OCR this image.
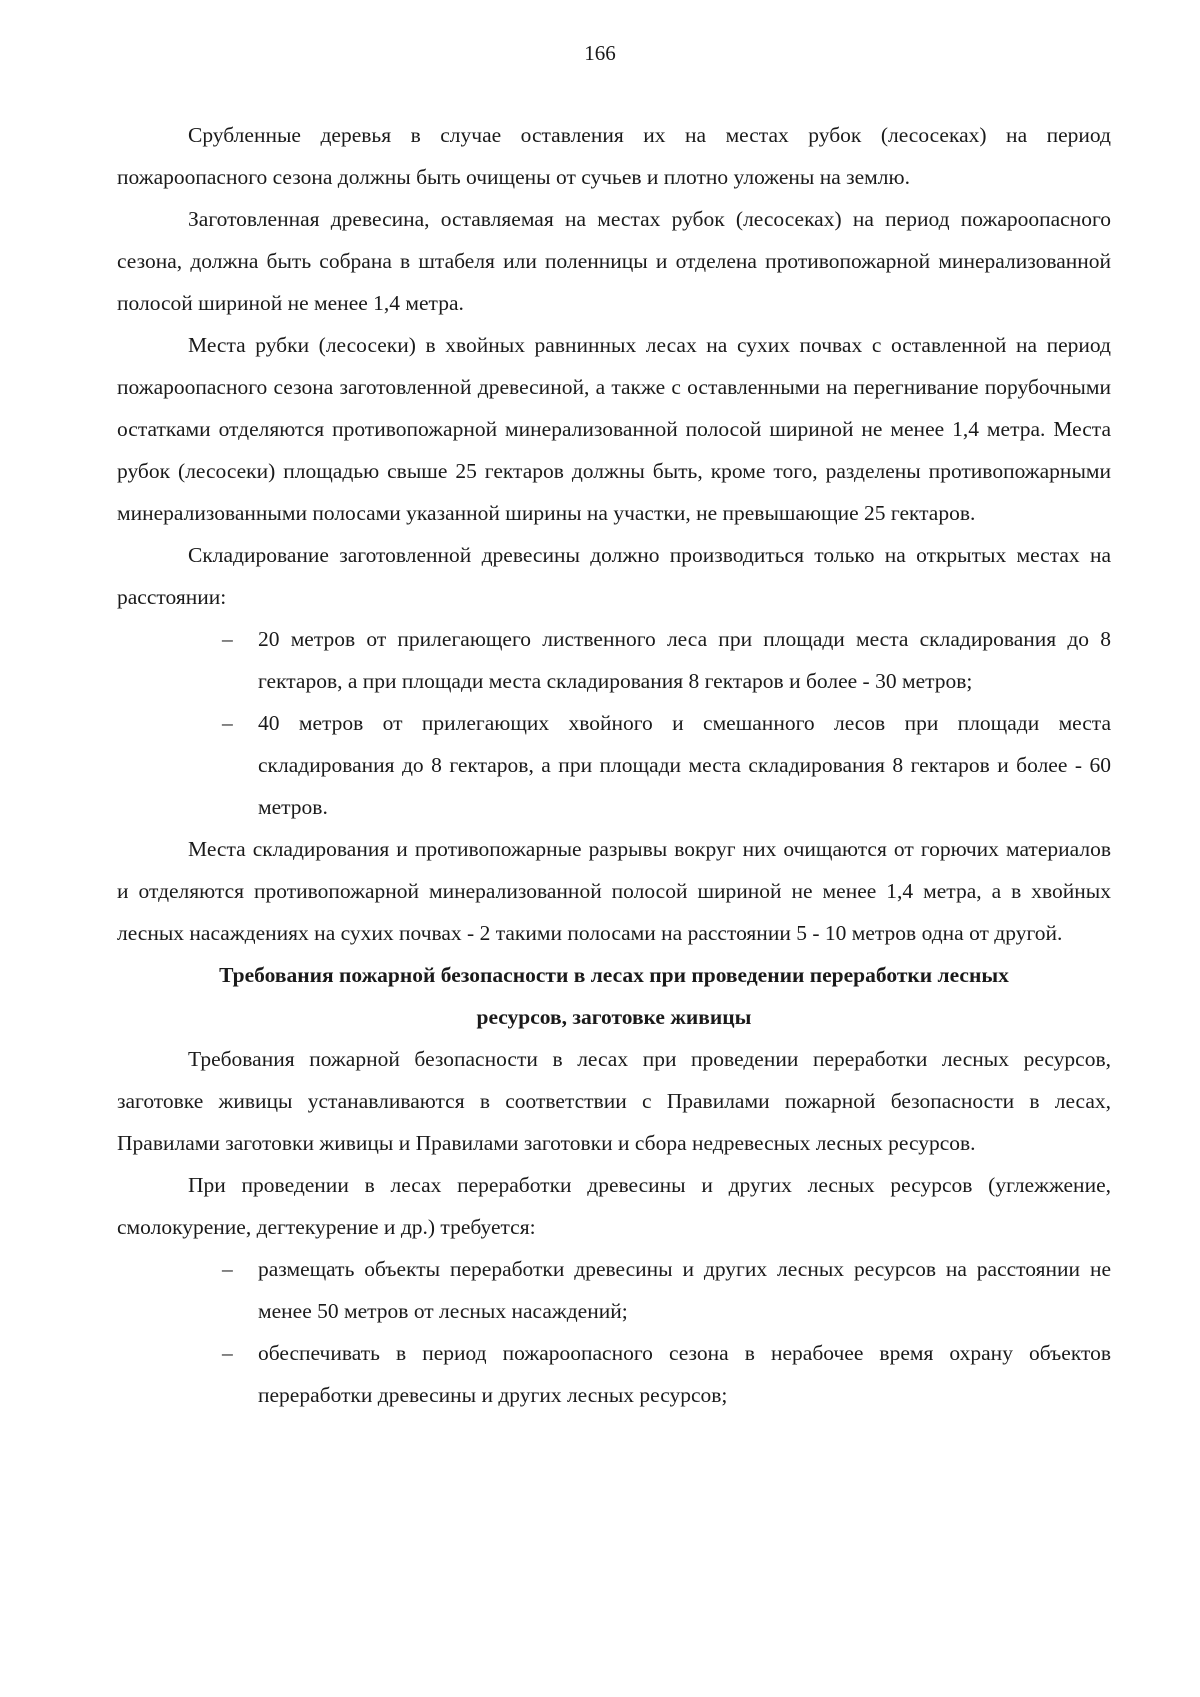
166

Срубленные деревья в случае оставления их на местах рубок (лесосеках) на период пожароопасного сезона должны быть очищены от сучьев и плотно уложены на землю.

Заготовленная древесина, оставляемая на местах рубок (лесосеках) на период пожароопасного сезона, должна быть собрана в штабеля или поленницы и отделена противопожарной минерализованной полосой шириной не менее 1,4 метра.

Места рубки (лесосеки) в хвойных равнинных лесах на сухих почвах с оставленной на период пожароопасного сезона заготовленной древесиной, а также с оставленными на перегнивание порубочными остатками отделяются противопожарной минерализованной полосой шириной не менее 1,4 метра. Места рубок (лесосеки) площадью свыше 25 гектаров должны быть, кроме того, разделены противопожарными минерализованными полосами указанной ширины на участки, не превышающие 25 гектаров.

Складирование заготовленной древесины должно производиться только на открытых местах на расстоянии:

– 20 метров от прилегающего лиственного леса при площади места складирования до 8 гектаров, а при площади места складирования 8 гектаров и более - 30 метров;
– 40 метров от прилегающих хвойного и смешанного лесов при площади места складирования до 8 гектаров, а при площади места складирования 8 гектаров и более - 60 метров.

Места складирования и противопожарные разрывы вокруг них очищаются от горючих материалов и отделяются противопожарной минерализованной полосой шириной не менее 1,4 метра, а в хвойных лесных насаждениях на сухих почвах - 2 такими полосами на расстоянии 5 - 10 метров одна от другой.

Требования пожарной безопасности в лесах при проведении переработки лесных
ресурсов, заготовке живицы

Требования пожарной безопасности в лесах при проведении переработки лесных ресурсов, заготовке живицы устанавливаются в соответствии с Правилами пожарной безопасности в лесах, Правилами заготовки живицы и Правилами заготовки и сбора недревесных лесных ресурсов.

При проведении в лесах переработки древесины и других лесных ресурсов (углежжение, смолокурение, дегтекурение и др.) требуется:

– размещать объекты переработки древесины и других лесных ресурсов на расстоянии не менее 50 метров от лесных насаждений;
– обеспечивать в период пожароопасного сезона в нерабочее время охрану объектов переработки древесины и других лесных ресурсов;
